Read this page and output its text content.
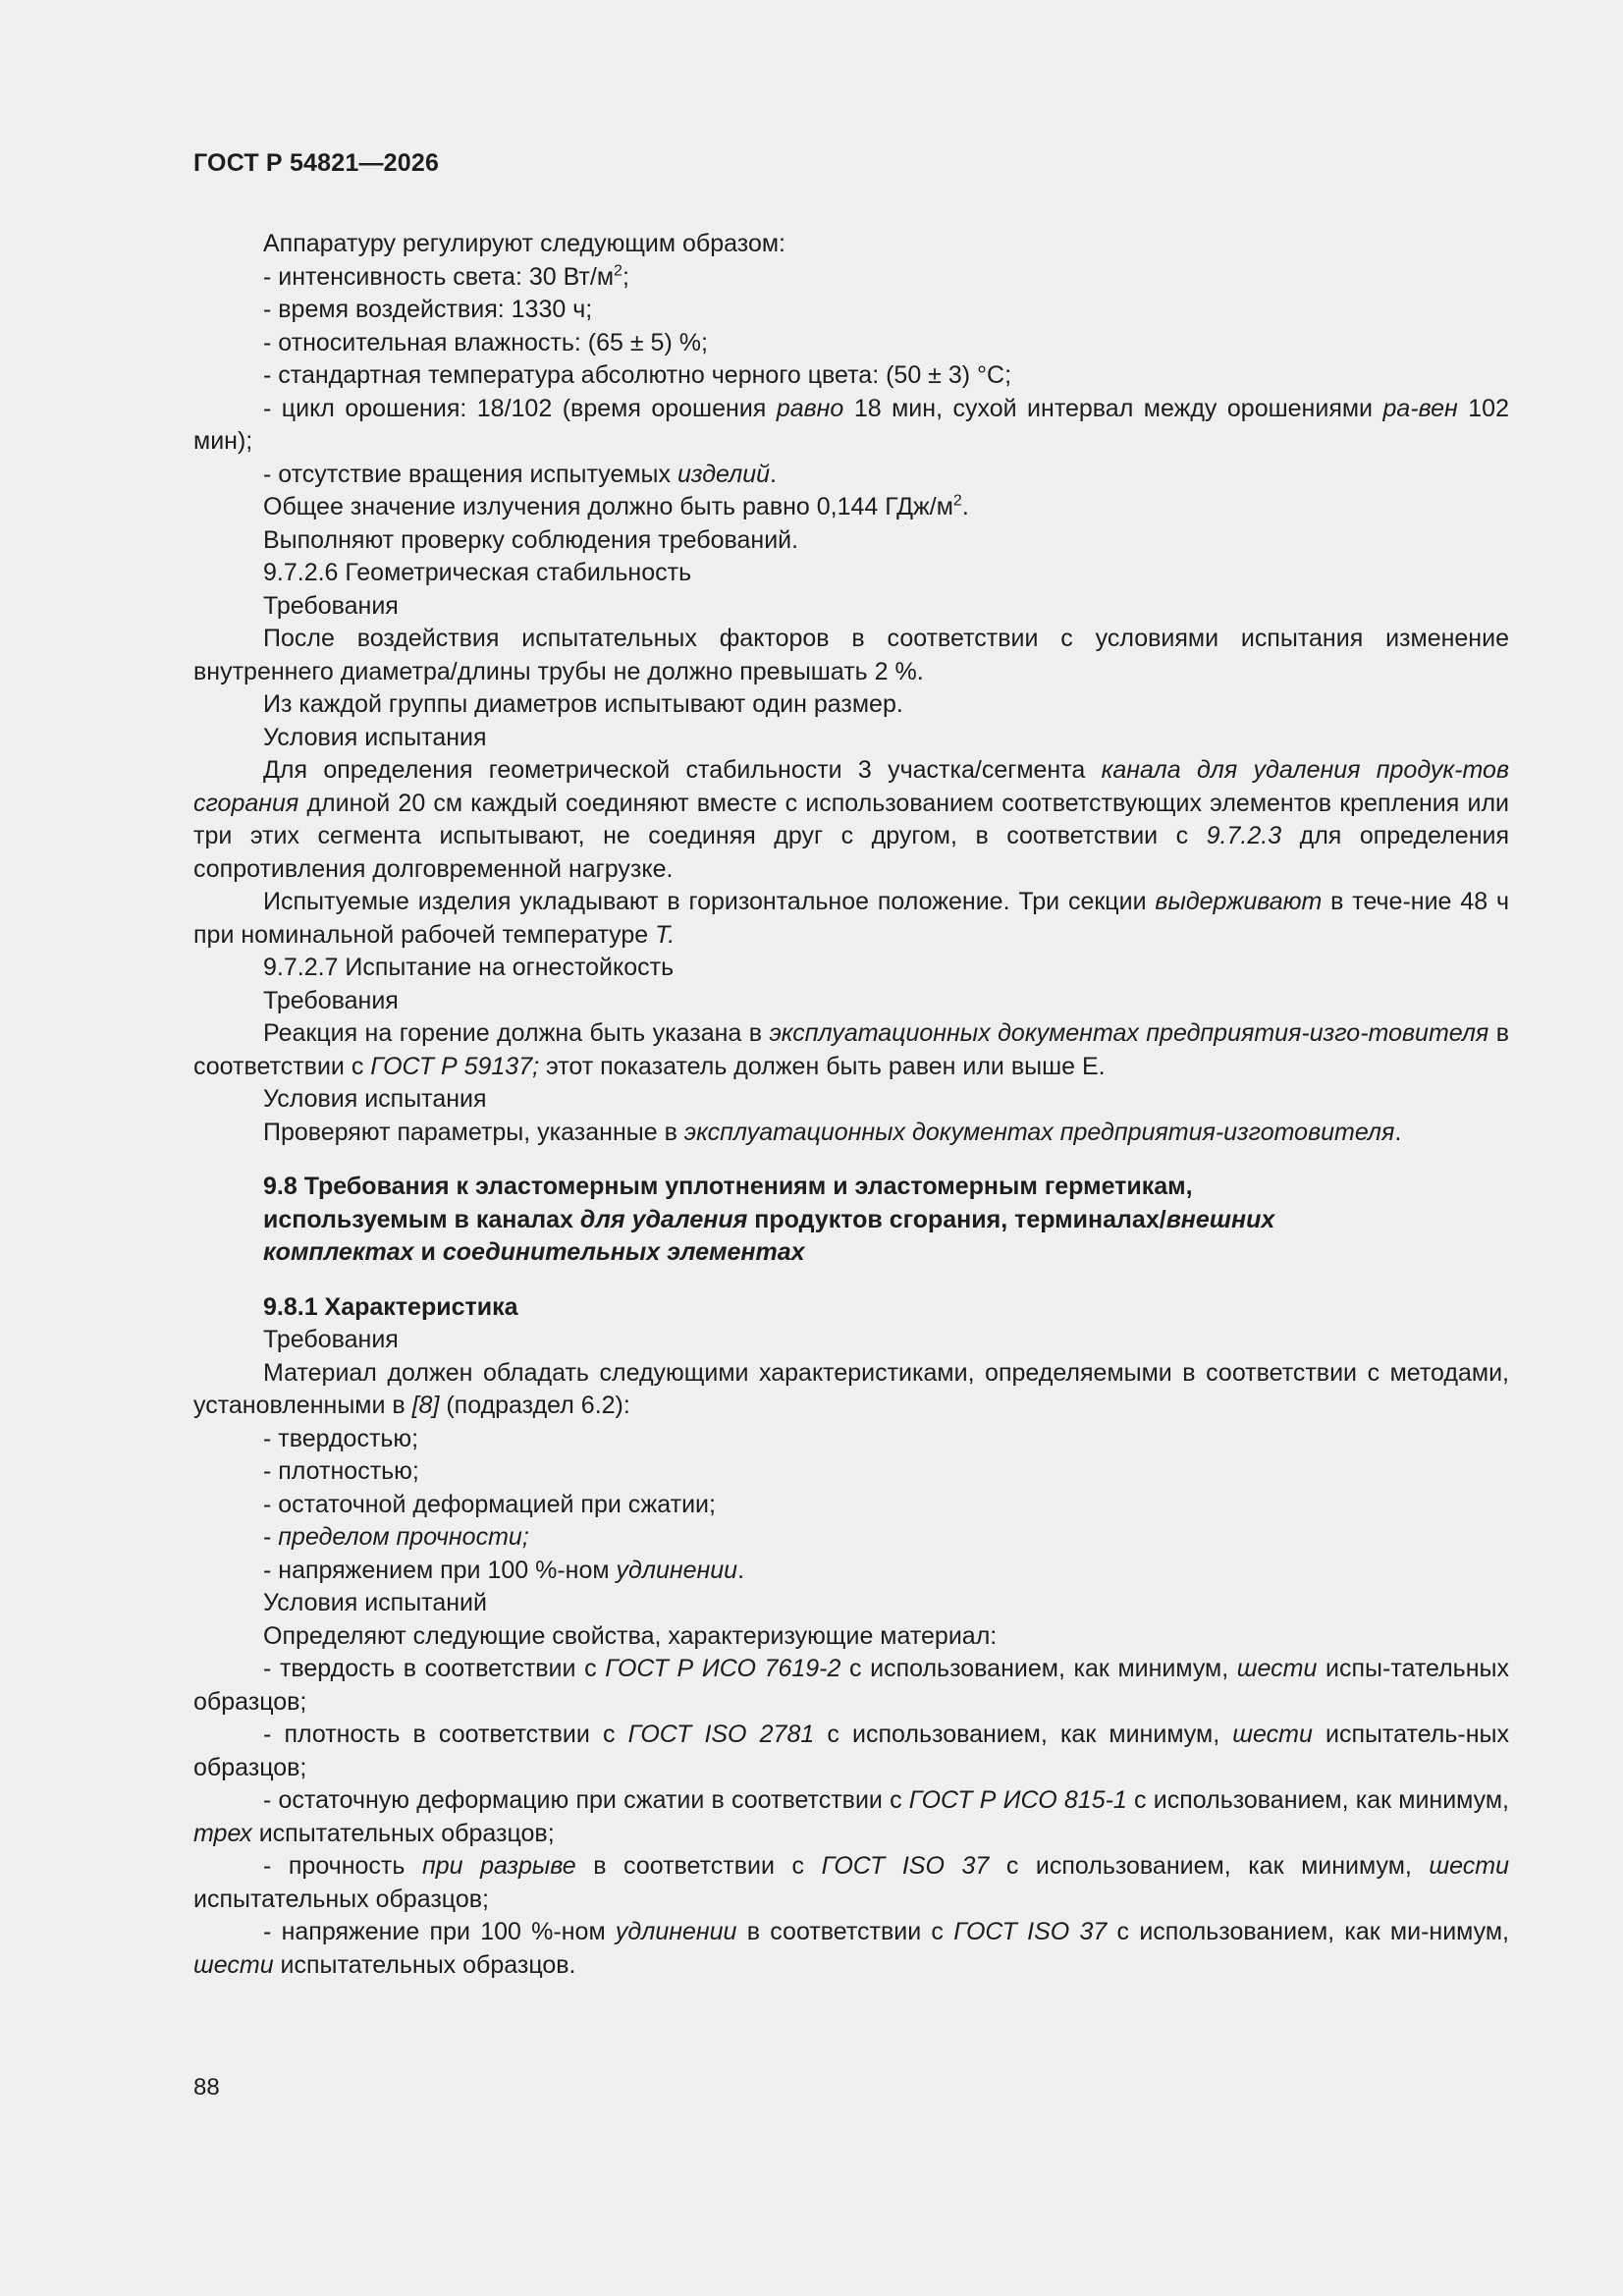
ГОСТ Р 54821—2026

Аппаратуру регулируют следующим образом:

- интенсивность света: 30 $Вт/м^2$;

- время воздействия: 1330 ч;

- относительная влажность: (65 ± 5) %;

- стандартная температура абсолютно черного цвета: (50 ± 3) °С;

- цикл орошения: 18/102 (время орошения равно 18 мин, сухой интервал между орошениями ра-вен 102 мин);

- отсутствие вращения испытуемых изделий.

Общее значение излучения должно быть равно 0,144 ГДж/$м^2$.

Выполняют проверку соблюдения требований.

9.7.2.6 Геометрическая стабильность

Требования

После воздействия испытательных факторов в соответствии с условиями испытания изменение внутреннего диаметра/длины трубы не должно превышать 2 %.

Из каждой группы диаметров испытывают один размер.

Условия испытания

Для определения геометрической стабильности 3 участка/сегмента канала для удаления продук-тов сгорания длиной 20 см каждый соединяют вместе с использованием соответствующих элементов крепления или три этих сегмента испытывают, не соединяя друг с другом, в соответствии с 9.7.2.3 для определения сопротивления долговременной нагрузке.

Испытуемые изделия укладывают в горизонтальное положение. Три секции выдерживают в тече-ние 48 ч при номинальной рабочей температуре Т.

9.7.2.7 Испытание на огнестойкость

Требования

Реакция на горение должна быть указана в эксплуатационных документах предприятия-изго-товителя в соответствии с ГОСТ Р 59137; этот показатель должен быть равен или выше Е.

Условия испытания

Проверяют параметры, указанные в эксплуатационных документах предприятия-изготовителя.

9.8 Требования к эластомерным уплотнениям и эластомерным герметикам,
используемым в каналах для удаления продуктов сгорания, терминалах/внешних
комплектах и соединительных элементах

9.8.1 Характеристика

Требования

Материал должен обладать следующими характеристиками, определяемыми в соответствии с методами, установленными в [8] (подраздел 6.2):

- твердостью;

- плотностью;

- остаточной деформацией при сжатии;

- пределом прочности;

- напряжением при 100 %-ном удлинении.

Условия испытаний

Определяют следующие свойства, характеризующие материал:

- твердость в соответствии с ГОСТ Р ИСО 7619-2 с использованием, как минимум, шести испы-тательных образцов;

- плотность в соответствии с ГОСТ ISO 2781 с использованием, как минимум, шести испытатель-ных образцов;

- остаточную деформацию при сжатии в соответствии с ГОСТ Р ИСО 815-1 с использованием, как минимум, трех испытательных образцов;

- прочность при разрыве в соответствии с ГОСТ ISO 37 с использованием, как минимум, шести испытательных образцов;

- напряжение при 100 %-ном удлинении в соответствии с ГОСТ ISO 37 с использованием, как ми-нимум, шести испытательных образцов.

88
